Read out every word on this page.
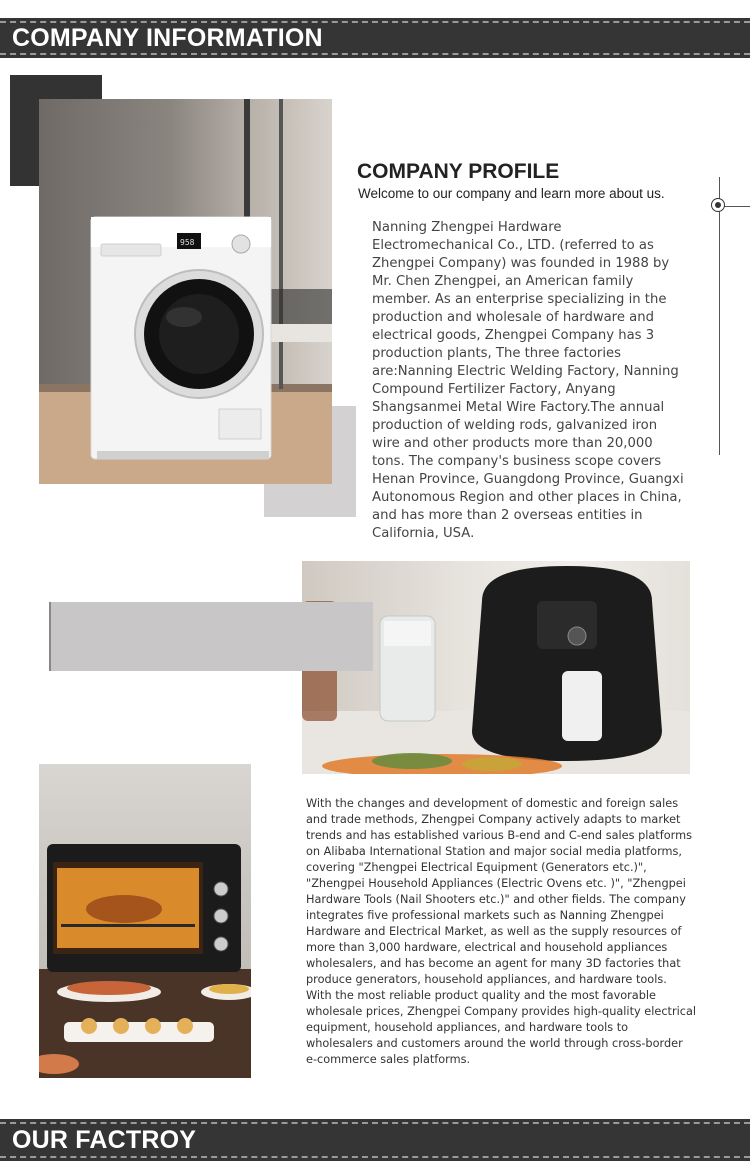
COMPANY INFORMATION
958
COMPANY PROFILE
Welcome to our company and learn more about us.
Nanning Zhengpei Hardware Electromechanical Co., LTD. (referred to as Zhengpei Company) was founded in 1988 by Mr. Chen Zhengpei, an American family member. As an enterprise specializing in the production and wholesale of hardware and electrical goods, Zhengpei Company has 3 production plants, The three factories are:Nanning Electric Welding Factory, Nanning Compound Fertilizer Factory, Anyang Shangsanmei Metal Wire Factory.The annual production of welding rods, galvanized iron wire and other products more than 20,000 tons. The company's business scope covers Henan Province, Guangdong Province, Guangxi Autonomous Region and other places in China, and has more than 2 overseas entities in California, USA.
With the changes and development of domestic and foreign sales and trade methods, Zhengpei Company actively adapts to market trends and has established various B-end and C-end sales platforms on Alibaba International Station and major social media platforms, covering "Zhengpei Electrical Equipment (Generators etc.)", "Zhengpei Household Appliances (Electric Ovens etc. )", "Zhengpei Hardware Tools (Nail Shooters etc.)" and other fields. The company integrates five professional markets such as Nanning Zhengpei Hardware and Electrical Market, as well as the supply resources of more than 3,000 hardware, electrical and household appliances wholesalers, and has become an agent for many 3D factories that produce generators, household appliances, and hardware tools. With the most reliable product quality and the most favorable wholesale prices, Zhengpei Company provides high-quality electrical equipment, household appliances, and hardware tools to wholesalers and customers around the world through cross-border e-commerce sales platforms.
OUR FACTROY
